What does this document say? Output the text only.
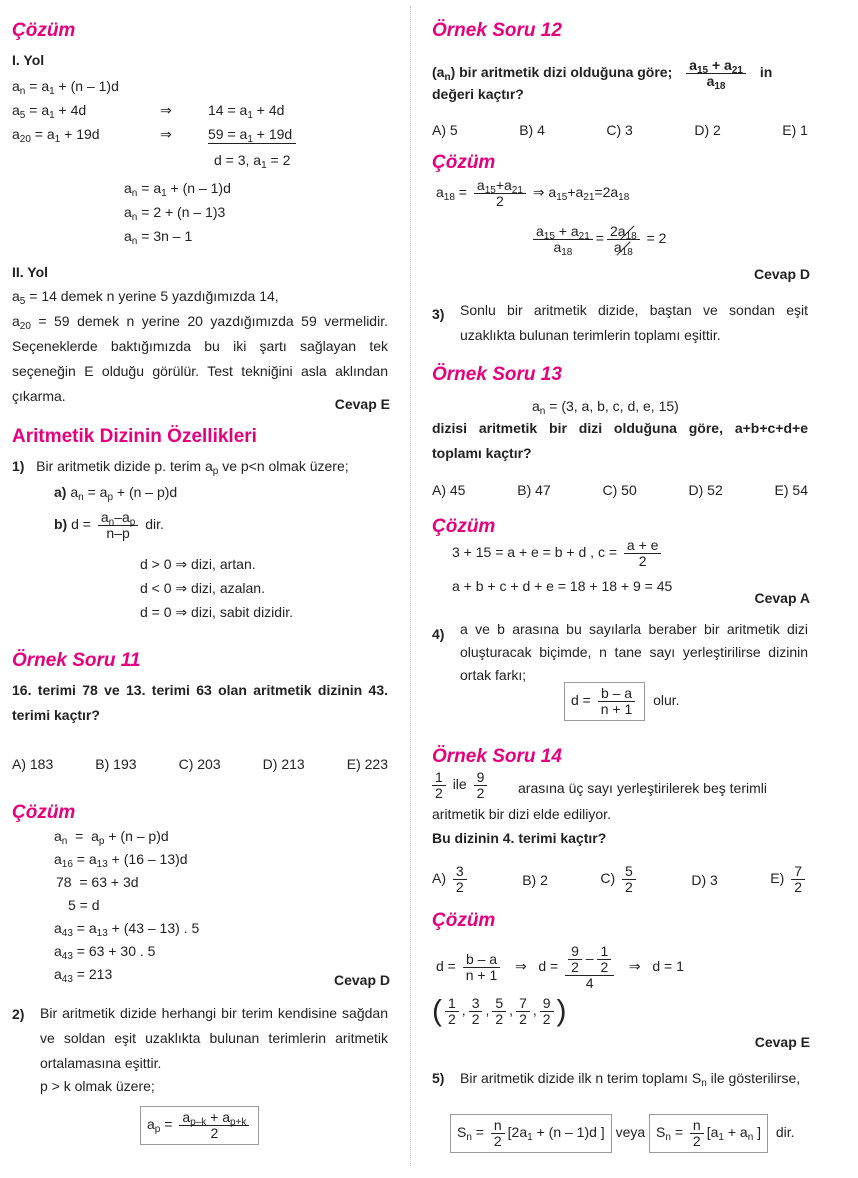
Çözüm
I. Yol
$a_n = a_1 + (n - 1)d$
$a_5 = a_1 + 4d$	⇒	$14 = a_1 + 4d$
$a_{20} = a_1 + 19d$	⇒	$59 = a_1 + 19d$
d = 3, $a_1 = 2$
$a_n = a_1 + (n - 1)d$
$a_n = 2 + (n - 1)3$
$a_n = 3n - 1$
II. Yol
$a_5 = 14$ demek n yerine 5 yazdığımızda 14,
$a_{20} = 59$ demek n yerine 20 yazdığımızda 59 vermelidir. Seçeneklerde baktığımızda bu iki şartı sağlayan tek seçeneğin E olduğu görülür. Test tekniğini asla aklından çıkarma.	Cevap E
Aritmetik Dizinin Özellikleri
1) Bir aritmetik dizide p. terim $a_p$ ve p<n olmak üzere;
a) $a_n = a_p + (n - p)d$
b) $d = \frac{a_n-a_p}{n-p}$ dir.
d > 0 ⇒ dizi, artan.
d < 0 ⇒ dizi, azalan.
d = 0 ⇒ dizi, sabit dizidir.
Örnek Soru 11
16. terimi 78 ve 13. terimi 63 olan aritmetik dizinin 43. terimi kaçtır?
A) 183	B) 193	C) 203	D) 213	E) 223
Çözüm
$a_n = a_p + (n - p)d$
$a_{16} = a_{13} + (16 - 13)d$
78  = 63 + 3d
5 = d
$a_{43} = a_{13} + (43 - 13)$ . 5
$a_{43} = 63 + 30$ . 5
$a_{43} = 213$	Cevap D
2) Bir aritmetik dizide herhangi bir terim kendisine sağdan ve soldan eşit uzaklıkta bulunan terimlerin aritmetik ortalamasına eşittir.
p > k olmak üzere;
$a_p = \frac{a_{p-k} + a_{p+k}}{2}$
Örnek Soru 12
$(a_n)$ bir aritmetik dizi olduğuna göre; $\frac{a_{15} + a_{21}}{a_{18}}$ in
değeri kaçtır?
A) 5	B) 4	C) 3	D) 2	E) 1
Çözüm
$a_{18} = \frac{a_{15}+a_{21}}{2}$ ⇒ $a_{15}+a_{21}=2a_{18}$
$\frac{a_{15} + a_{21}}{a_{18}} = \frac{2a_{18}}{a_{18}} = 2$
Cevap D
3) Sonlu bir aritmetik dizide, baştan ve sondan eşit uzaklıkta bulunan terimlerin toplamı eşittir.
Örnek Soru 13
$a_n = (3$, a, b, c, d, e, 15)
dizisi aritmetik bir dizi olduğuna göre, a+b+c+d+e toplamı kaçtır?
A) 45	B) 47	C) 50	D) 52	E) 54
Çözüm
3 + 15 = a + e = b + d , $c = \frac{a + e}{2}$
a + b + c + d + e = 18 + 18 + 9 = 45
Cevap A
4) a ve b arasına bu sayılarla beraber bir aritmetik dizi oluşturacak biçimde, n tane sayı yerleştirilirse dizinin ortak farkı;
$d = \frac{b - a}{n + 1}$ olur.
Örnek Soru 14
$\frac{1}{2}$ ile $\frac{9}{2}$ arasına üç sayı yerleştirilerek beş terimli
aritmetik bir dizi elde ediliyor.
Bu dizinin 4. terimi kaçtır?
$A) \frac{3}{2}$	B) 2	$C) \frac{5}{2}$	D) 3	$E) \frac{7}{2}$
Çözüm
$d = \frac{b - a}{n + 1}$ ⇒   $d = \frac{\frac{9}{2} - \frac{1}{2}}{4}$ ⇒   d = 1
( $\frac{1}{2}$ , $\frac{3}{2}$ , $\frac{5}{2}$ , $\frac{7}{2}$ , $\frac{9}{2}$ )
Cevap E
5) Bir aritmetik dizide ilk n terim toplamı $S_n$ ile gösterilirse,
$S_n = \frac{n}{2} [2a_1 + (n - 1)d$ ] veya $S_n = \frac{n}{2} [a_1 + a_n$ ] dir.
